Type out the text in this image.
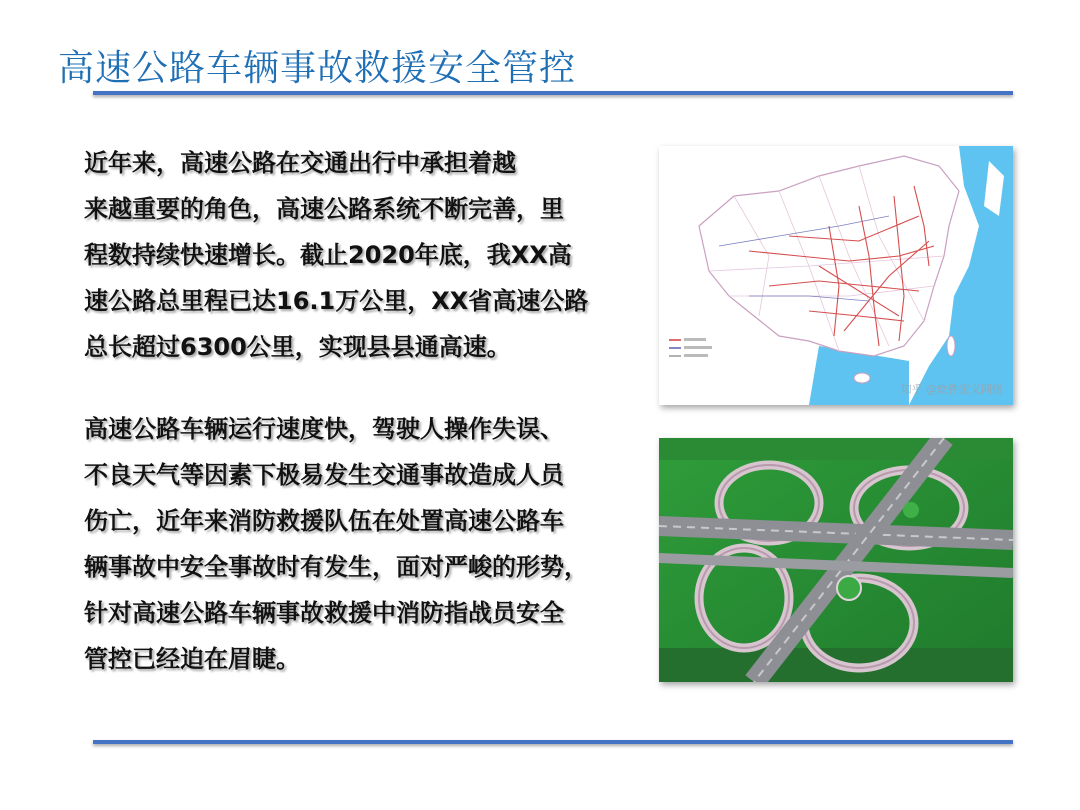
高速公路车辆事故救援安全管控
近年来，高速公路在交通出行中承担着越
来越重要的角色，高速公路系统不断完善，里
程数持续快速增长。截止2020年底，我XX高
速公路总里程已达16.1万公里，XX省高速公路
总长超过6300公里，实现县县通高速。
高速公路车辆运行速度快，驾驶人操作失误、
不良天气等因素下极易发生交通事故造成人员
伤亡，近年来消防救援队伍在处置高速公路车
辆事故中安全事故时有发生，面对严峻的形势，
针对高速公路车辆事故救援中消防指战员安全
管控已经迫在眉睫。
知乎 @软件定义网络
